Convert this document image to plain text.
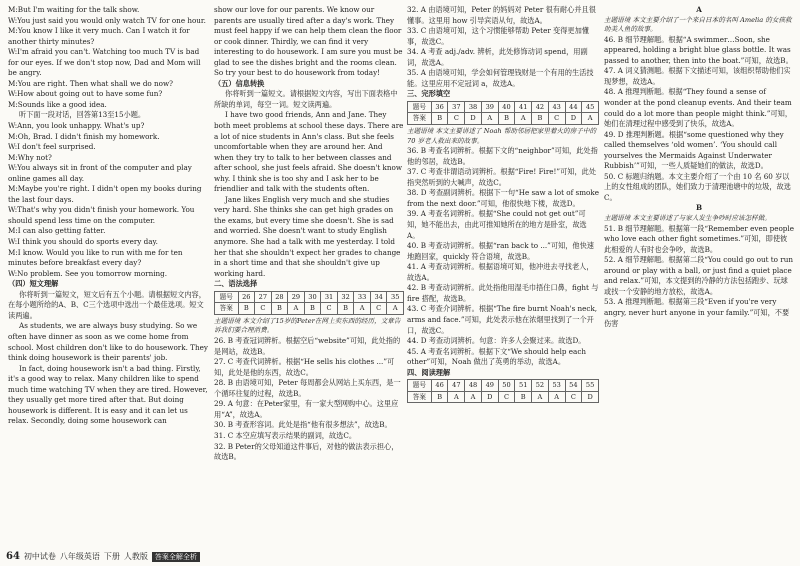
M:But I'm waiting for the talk show.

W:You just said you would only watch TV for one hour.

M:You know I like it very much. Can I watch it for another thirty minutes?

W:I'm afraid you can't. Watching too much TV is bad for our eyes. If we don't stop now, Dad and Mom will be angry.

M:You are right. Then what shall we do now?

W:How about going out to have some fun?

M:Sounds like a good idea.

听下面一段对话，回答第13至15小题。

W:Ann, you look unhappy. What's up?

M:Oh, Brad. I didn't finish my homework.

W:I don't feel surprised.

M:Why not?

W:You always sit in front of the computer and play online games all day.

M:Maybe you're right. I didn't open my books during the last four days.

W:That's why you didn't finish your homework. You should spend less time on the computer.

M:I can also getting fatter.

W:I think you should do sports every day.

M:I know. Would you like to run with me for ten minutes before breakfast every day?

W:No problem. See you tomorrow morning.

（四）短文理解

你将听到一篇短文，短文后有五个小题。请根据短文内容，在每小题所给的A、B、C三个选项中选出一个最佳选项。短文读两遍。

As students, we are always busy studying. So we often have dinner as soon as we come home from school. Most children don't like to do housework. They think doing housework is their parents' job.

In fact, doing housework isn't a bad thing. Firstly, it's a good way to relax. Many children like to spend much time watching TV when they are tired. However, they usually get more tired after that. But doing housework is different. It is easy and it can let us relax. Secondly, doing some housework can

show our love for our parents. We know our parents are usually tired after a day's work. They must feel happy if we can help them clean the floor or cook dinner. Thirdly, we can find it very interesting to do housework. I am sure you must be glad to see the dishes bright and the rooms clean. So try your best to do housework from today!

（五）信息转换

你将听到一篇短文。请根据短文内容，写出下面表格中所缺的单词，每空一词。短文读两遍。

I have two good friends, Ann and Jane. They both meet problems at school these days. There are a lot of nice students in Ann's class. But she feels uncomfortable when they are around her. And when they try to talk to her between classes and after school, she just feels afraid. She doesn't know why. I think she is too shy and I ask her to be friendlier and talk with the students often.

Jane likes English very much and she studies very hard. She thinks she can get high grades on the exams, but every time she doesn't. She is sad and worried. She doesn't want to study English anymore. She had a talk with me yesterday. I told her that she shouldn't expect her grades to change in a short time and that she shouldn't give up working hard.

二、语法选择

题号	26	27	28	29	30	31	32	33	34	35
答案	B	C	B	A	B	C	B	A	C	A

主题语境 本文介绍了15岁的Peter在网上卖东西的经历，文章告诉我们要合理消费。

26. B 考查冠词辨析。根据空后“website”可知，此处指的是网站，故选B。

27. C 考查代词辨析。根据“He sells his clothes ...”可知，此处是他的东西，故选C。

28. B 由语境可知，Peter 每周都会从网站上买东西，是一个循环往复的过程，故选B。

29. A 句意：在Peter家里，有一家大型网购中心。这里应用“A”，故选A。

30. B 考查形容词。此处是指“他有很多想法”，故选B。

31. C 本空应填写表示结果的副词，故选C。

32. B Peter的父母知道这件事后，对他的做法表示担心，故选B。

32. A 由语境可知，Peter 的妈妈对 Peter 很有耐心并且很懂事。这里用 how 引导宾语从句，故选A。

33. C 由语境可知，这个习惯能够帮助 Peter 变得更加懂事，故选C。

34. A 考查 adj./adv. 辨析，此处修饰动词 spend，用副词，故选A。

35. A 由语境可知，学会如何管理钱财是一个有用的生活技能。这里应用不定冠词 a，故选A。

三、完形填空

题号	36	37	38	39	40	41	42	43	44	45
答案	B	C	D	A	B	A	B	C	D	A

主题语境 本文主要讲述了 Noah 帮助邻居把家里着火的房子中的 70 岁老人救出来的故事。

36. B 考查名词辨析。根据下文的“neighbor”可知，此处指他的邻居，故选B。

37. C 考查非谓语动词辨析。根据“Fire! Fire!”可知，此处指突然听到的大喊声，故选C。

38. D 考查副词辨析。根据下一句“He saw a lot of smoke from the next door.”可知，他很快地下楼，故选D。

39. A 考查名词辨析。根据“She could not get out”可知，她不能出去，由此可推知她所在的地方是卧室，故选A。

40. B 考查动词辨析。根据“ran back to ...”可知，他快速地跑回家，quickly 符合语境，故选B。

41. A 考查动词辨析。根据语境可知，他冲进去寻找老人，故选A。

42. B 考查动词辨析。此处指他用湿毛巾捂住口鼻，fight 与 fire 搭配，故选B。

43. C 考查介词辨析。根据“The fire burnt Noah's neck, arms and face.”可知，此处表示他在浓烟里找到了一个开口，故选C。

44. D 考查动词辨析。句意：许多人会聚过来。故选D。

45. A 考查名词辨析。根据下文“We should help each other”可知，Noah 做出了英勇的举动，故选A。

四、阅读理解

题号	46	47	48	49	50	51	52	53	54	55
答案	B	A	A	D	C	B	A	A	C	D

A

主题语境 本文主要介绍了一个来自日本的名叫 Amelia 的女孩救助美人鱼的故事。

46. B 细节理解题。根据“A swimmer…Soon, she appeared, holding a bright blue glass bottle. It was passed to another, then into the boat.”可知，故选B。

47. A 词义猜测题。根据下文描述可知，该组织帮助他们实现梦想，故选A。

48. A 推理判断题。根据“They found a sense of wonder at the pond cleanup events. And their team could do a lot more than people might think.”可知，她们在清理过程中感受到了快乐，故选A。

49. D 推理判断题。根据“some questioned why they called themselves ‘old women’. ‘You should call yourselves the Mermaids Against Underwater Rubbish’”可知，一些人质疑她们的做法，故选D。

50. C 标题归纳题。本文主要介绍了一个由 10 名 60 岁以上的女性组成的团队，她们致力于清理池塘中的垃圾，故选C。

B

主题语境 本文主要讲述了与家人发生争吵时应该怎样做。

51. B 细节理解题。根据第一段“Remember even people who love each other fight sometimes.”可知，即使彼此相爱的人有时也会争吵，故选B。

52. A 细节理解题。根据第二段“You could go out to run around or play with a ball, or just find a quiet place and relax.”可知，本文提到的冷静的方法包括跑步、玩球或找一个安静的地方放松，故选A。

53. A 推理判断题。根据第三段“Even if you're very angry, never hurt anyone in your family.”可知，不要伤害

64 初中试卷 八年级英语 下册 人教版	答案全解全析
